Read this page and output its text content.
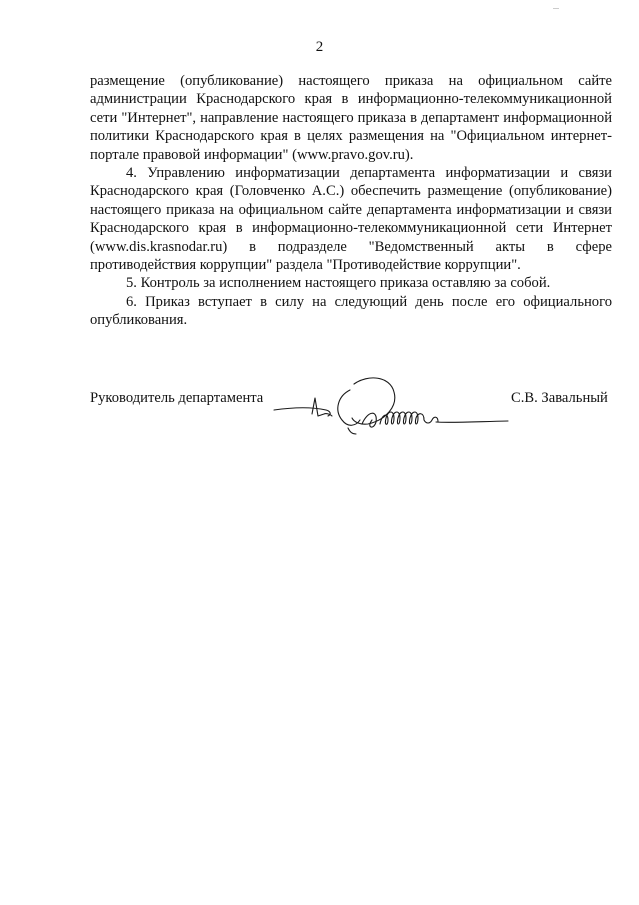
2

размещение (опубликование) настоящего приказа на официальном сайте администрации Краснодарского края в информационно-телекоммуникационной сети "Интернет", направление настоящего приказа в департамент информационной политики Краснодарского края в целях размещения на "Официальном интернет-портале правовой информации" (www.pravo.gov.ru).

4. Управлению информатизации департамента информатизации и связи Краснодарского края (Головченко А.С.) обеспечить размещение (опубликование) настоящего приказа на официальном сайте департамента информатизации и связи Краснодарского края в информационно-телекоммуникационной сети Интернет (www.dis.krasnodar.ru) в подразделе "Ведомственный акты в сфере противодействия коррупции" раздела "Противодействие коррупции".

5. Контроль за исполнением настоящего приказа оставляю за собой.

6. Приказ вступает в силу на следующий день после его официального опубликования.

Руководитель департамента	С.В. Завальный
